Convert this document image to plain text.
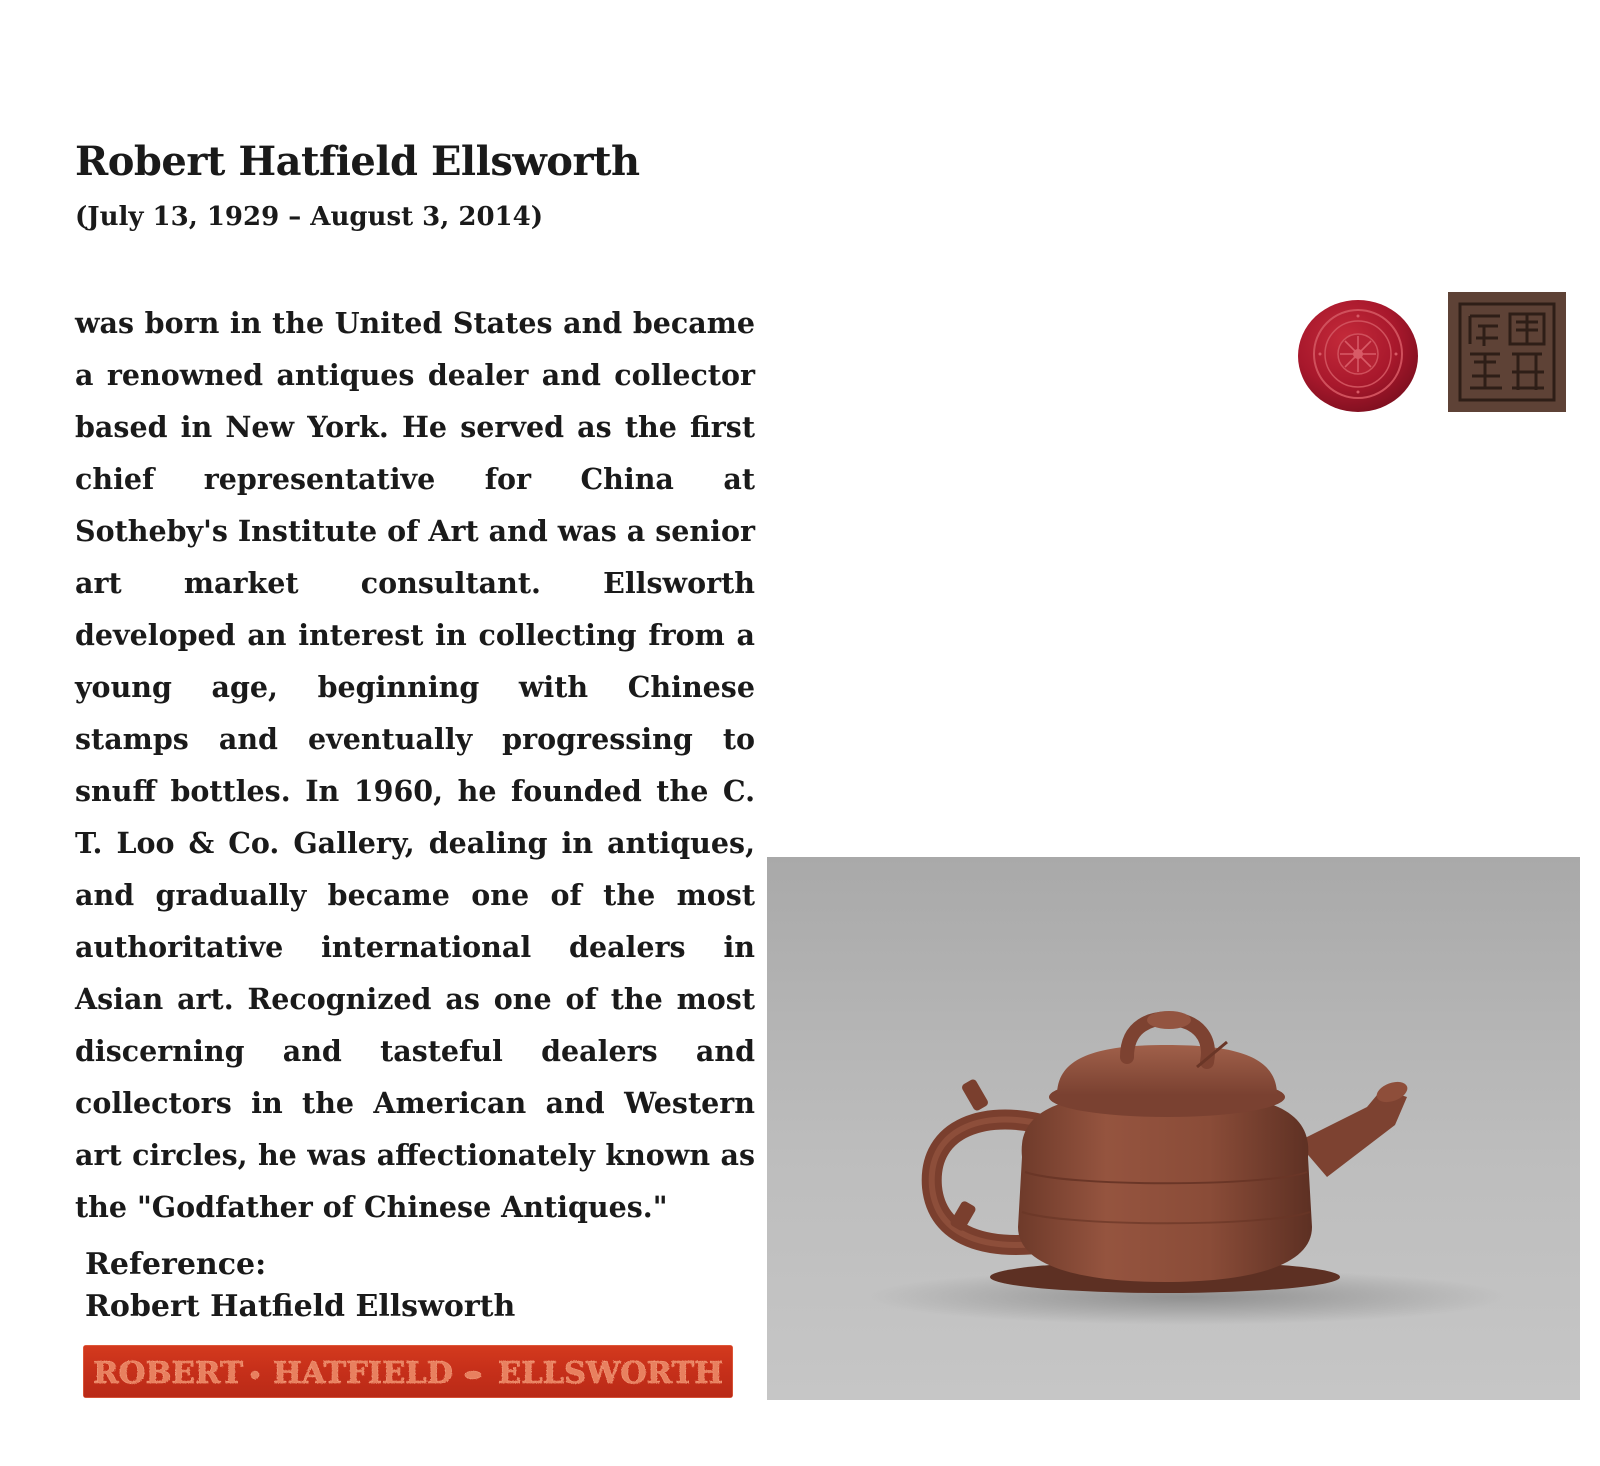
Robert Hatfield Ellsworth

(July 13, 1929 – August 3, 2014)

was born in the United States and became a renowned antiques dealer and collector based in New York. He served as the first chief representative for China at Sotheby's Institute of Art and was a senior art market consultant. Ellsworth developed an interest in collecting from a young age, beginning with Chinese stamps and eventually progressing to snuff bottles. In 1960, he founded the C. T. Loo & Co. Gallery, dealing in antiques, and gradually became one of the most authoritative international dealers in Asian art. Recognized as one of the most discerning and tasteful dealers and collectors in the American and Western art circles, he was affectionately known as the "Godfather of Chinese Antiques."

Reference:
Robert Hatfield Ellsworth
ROBERT HATFIELD ELLSWORTH
